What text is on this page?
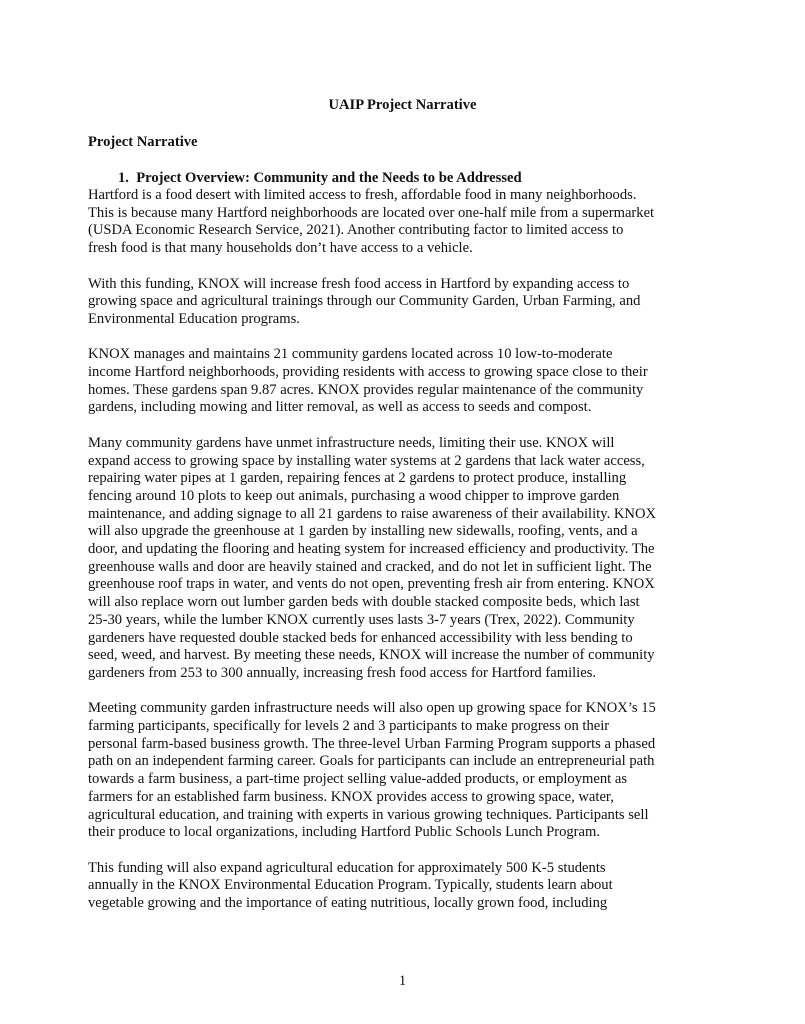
UAIP Project Narrative

Project Narrative

1.  Project Overview: Community and the Needs to be Addressed

Hartford is a food desert with limited access to fresh, affordable food in many neighborhoods.
This is because many Hartford neighborhoods are located over one-half mile from a supermarket
(USDA Economic Research Service, 2021). Another contributing factor to limited access to
fresh food is that many households don’t have access to a vehicle.

With this funding, KNOX will increase fresh food access in Hartford by expanding access to
growing space and agricultural trainings through our Community Garden, Urban Farming, and
Environmental Education programs.

KNOX manages and maintains 21 community gardens located across 10 low-to-moderate
income Hartford neighborhoods, providing residents with access to growing space close to their
homes. These gardens span 9.87 acres. KNOX provides regular maintenance of the community
gardens, including mowing and litter removal, as well as access to seeds and compost.

Many community gardens have unmet infrastructure needs, limiting their use. KNOX will
expand access to growing space by installing water systems at 2 gardens that lack water access,
repairing water pipes at 1 garden, repairing fences at 2 gardens to protect produce, installing
fencing around 10 plots to keep out animals, purchasing a wood chipper to improve garden
maintenance, and adding signage to all 21 gardens to raise awareness of their availability. KNOX
will also upgrade the greenhouse at 1 garden by installing new sidewalls, roofing, vents, and a
door, and updating the flooring and heating system for increased efficiency and productivity. The
greenhouse walls and door are heavily stained and cracked, and do not let in sufficient light. The
greenhouse roof traps in water, and vents do not open, preventing fresh air from entering. KNOX
will also replace worn out lumber garden beds with double stacked composite beds, which last
25-30 years, while the lumber KNOX currently uses lasts 3-7 years (Trex, 2022). Community
gardeners have requested double stacked beds for enhanced accessibility with less bending to
seed, weed, and harvest. By meeting these needs, KNOX will increase the number of community
gardeners from 253 to 300 annually, increasing fresh food access for Hartford families.

Meeting community garden infrastructure needs will also open up growing space for KNOX’s 15
farming participants, specifically for levels 2 and 3 participants to make progress on their
personal farm-based business growth. The three-level Urban Farming Program supports a phased
path on an independent farming career. Goals for participants can include an entrepreneurial path
towards a farm business, a part-time project selling value-added products, or employment as
farmers for an established farm business. KNOX provides access to growing space, water,
agricultural education, and training with experts in various growing techniques. Participants sell
their produce to local organizations, including Hartford Public Schools Lunch Program.

This funding will also expand agricultural education for approximately 500 K-5 students
annually in the KNOX Environmental Education Program. Typically, students learn about
vegetable growing and the importance of eating nutritious, locally grown food, including

1
